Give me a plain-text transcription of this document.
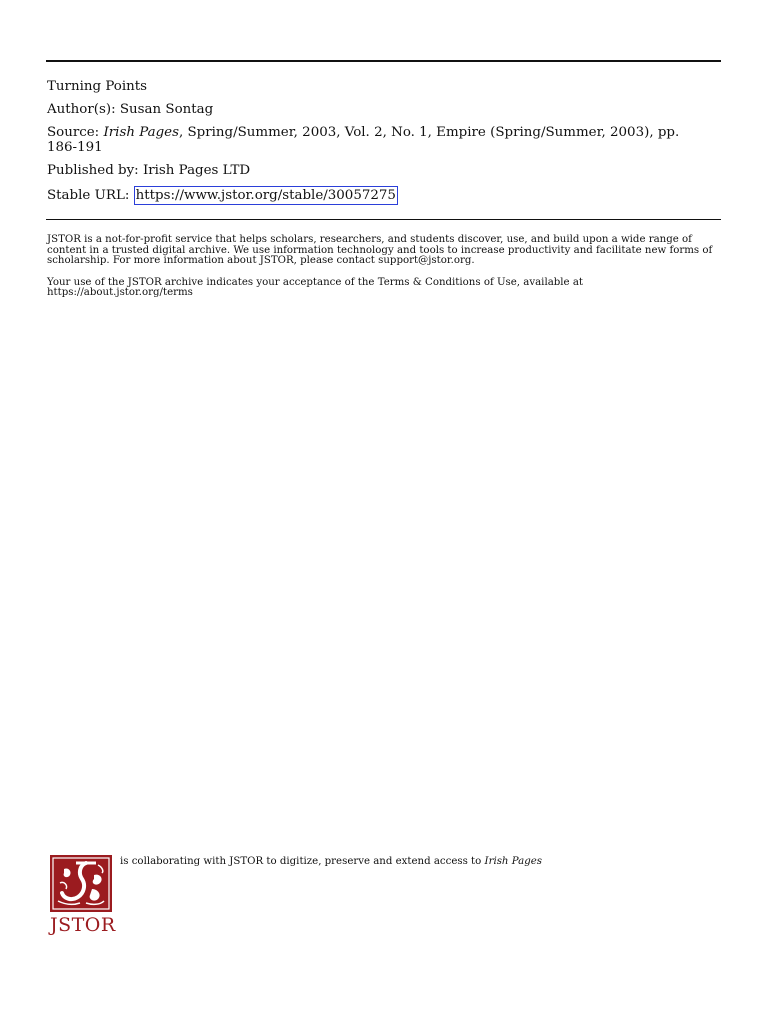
Turning Points
Author(s): Susan Sontag
Source: Irish Pages, Spring/Summer, 2003, Vol. 2, No. 1, Empire (Spring/Summer, 2003), pp. 186-191
Published by: Irish Pages LTD
Stable URL: https://www.jstor.org/stable/30057275

JSTOR is a not-for-profit service that helps scholars, researchers, and students discover, use, and build upon a wide range of content in a trusted digital archive. We use information technology and tools to increase productivity and facilitate new forms of scholarship. For more information about JSTOR, please contact support@jstor.org.

Your use of the JSTOR archive indicates your acceptance of the Terms & Conditions of Use, available at https://about.jstor.org/terms

JSTOR
is collaborating with JSTOR to digitize, preserve and extend access to Irish Pages
